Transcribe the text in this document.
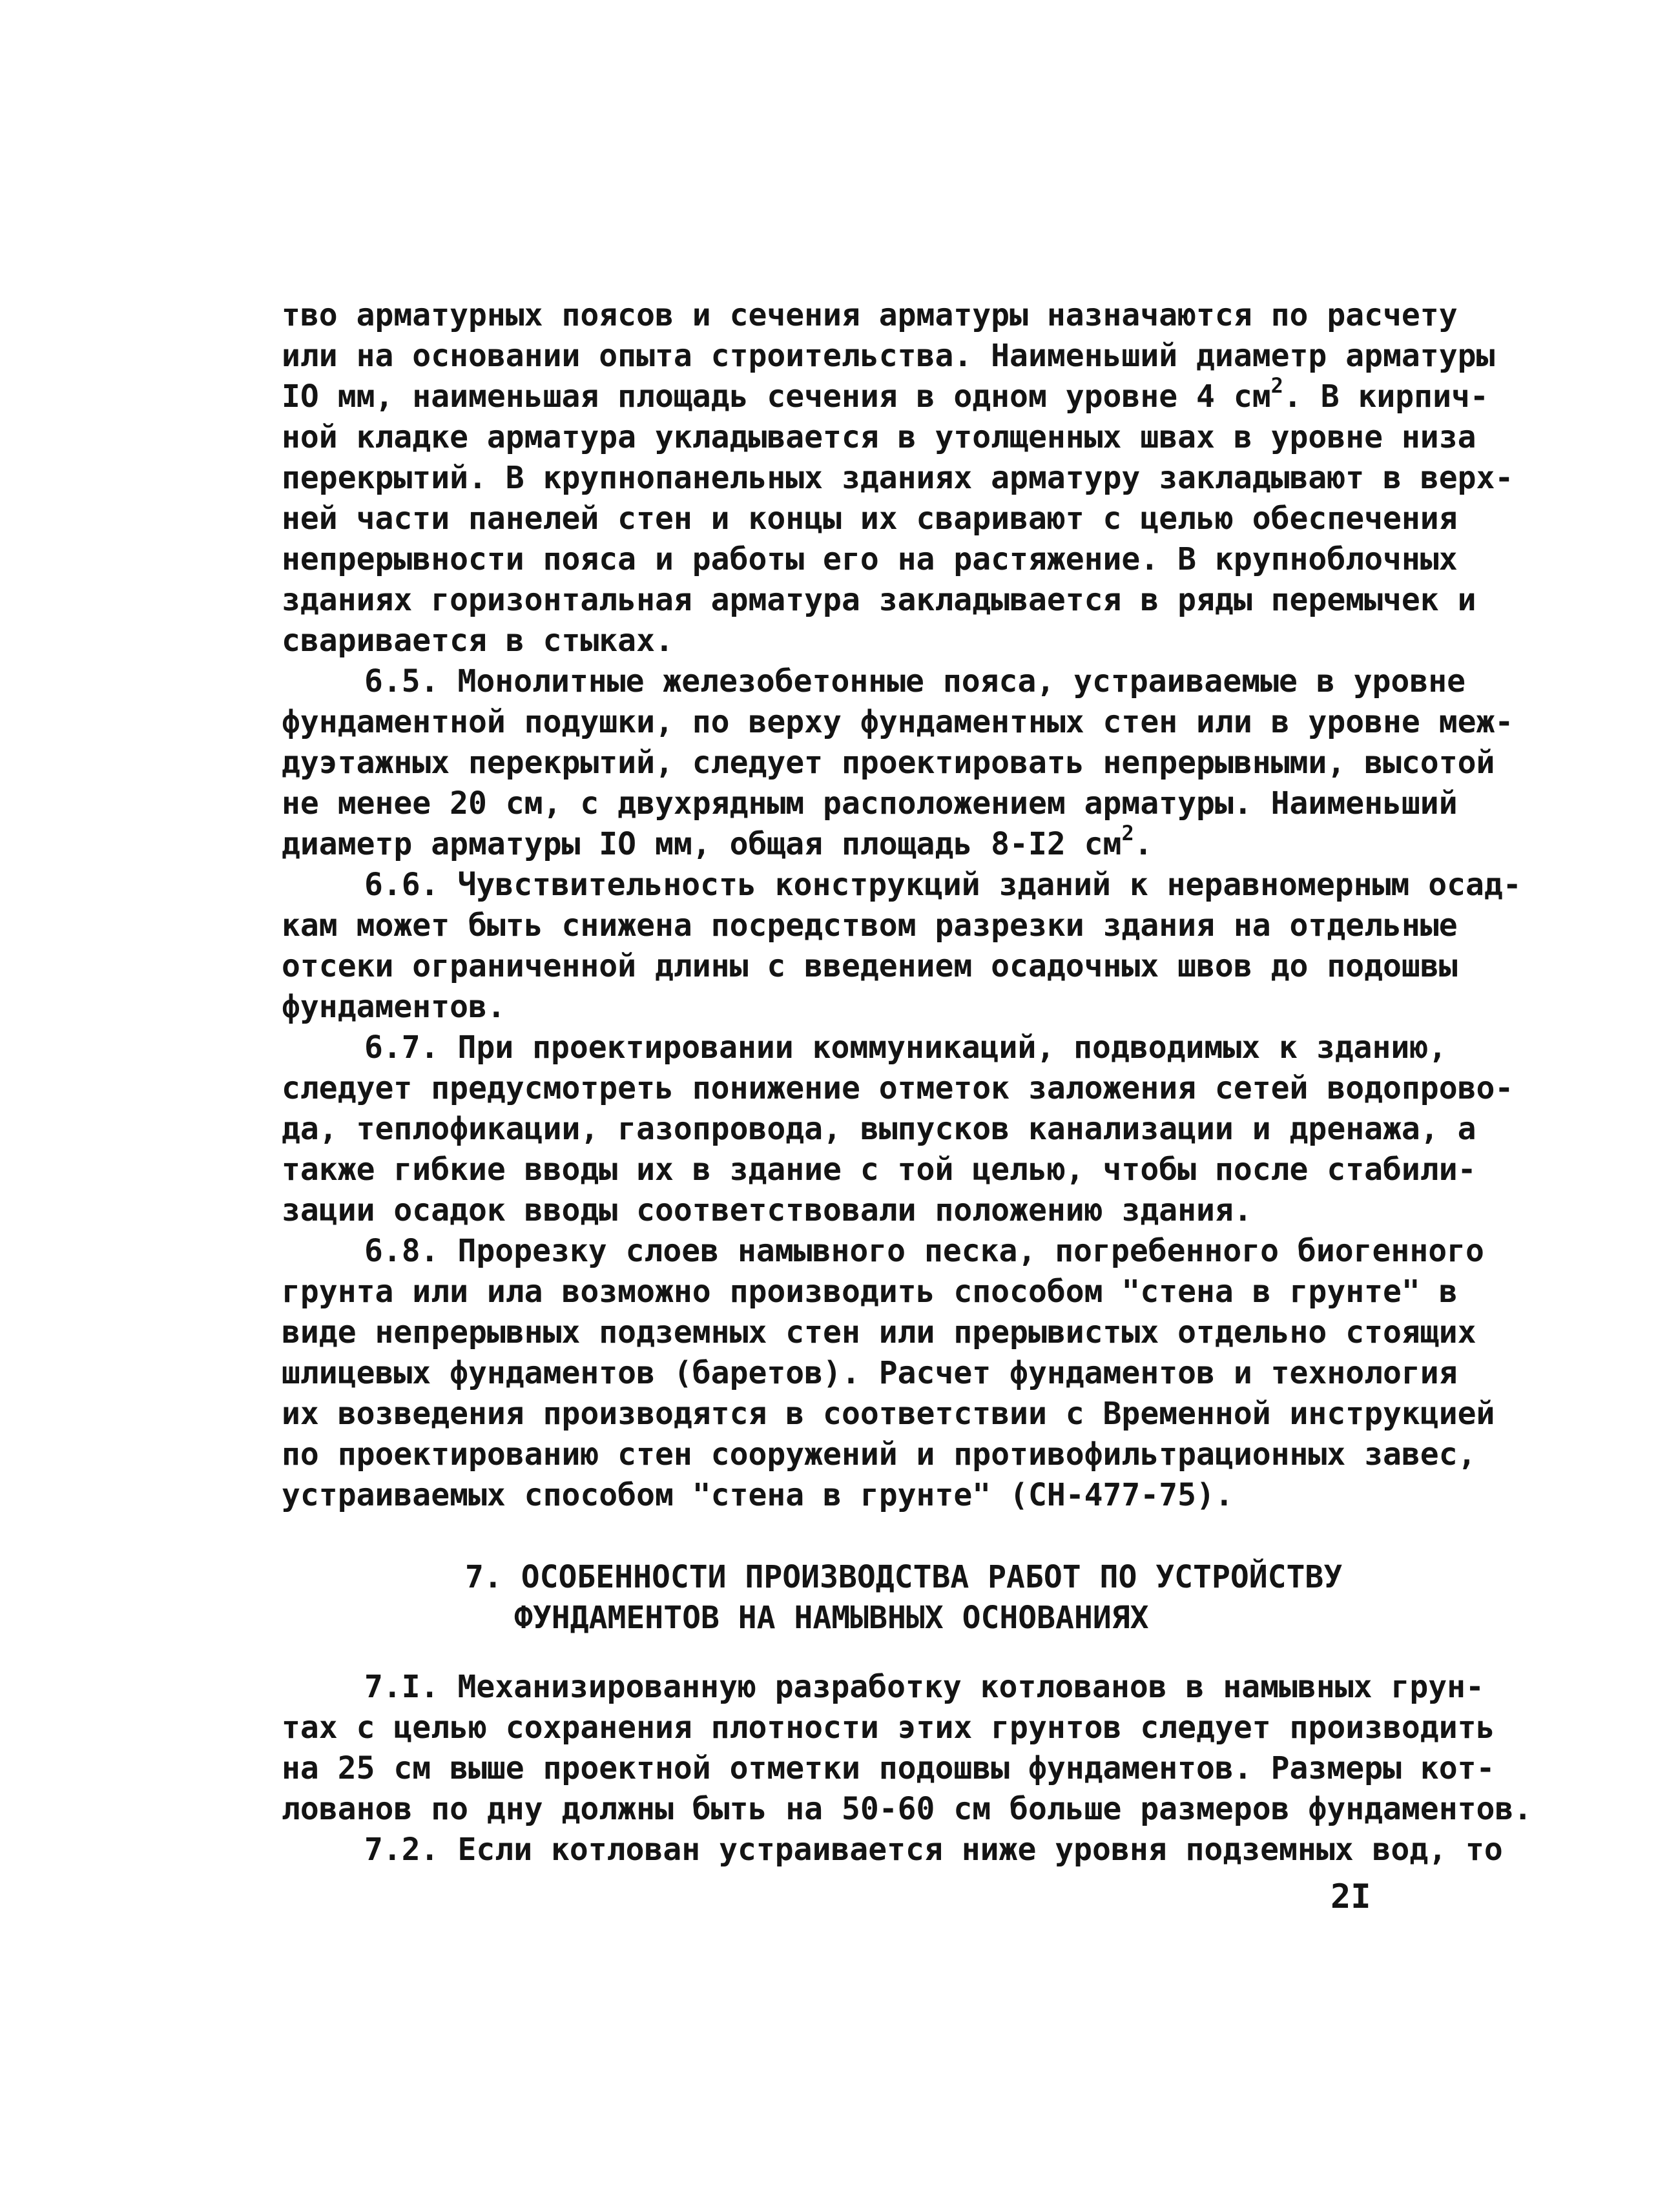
тво арматурных поясов и сечения арматуры назначаются по расчету
или на основании опыта строительства. Наименьший диаметр арматуры
IO мм, наименьшая площадь сечения в одном уровне 4 $см^2$. В кирпич-
ной кладке арматура укладывается в утолщенных швах в уровне низа
перекрытий. В крупнопанельных зданиях арматуру закладывают в верх-
ней части панелей стен и концы их сваривают с целью обеспечения
непрерывности пояса и работы его на растяжение. В крупноблочных
зданиях горизонтальная арматура закладывается в ряды перемычек и
сваривается в стыках.
6.5. Монолитные железобетонные пояса, устраиваемые в уровне
фундаментной подушки, по верху фундаментных стен или в уровне меж-
дуэтажных перекрытий, следует проектировать непрерывными, высотой
не менее 20 см, с двухрядным расположением арматуры. Наименьший
диаметр арматуры IO мм, общая площадь 8-I2 $см^2$.
6.6. Чувствительность конструкций зданий к неравномерным осад-
кам может быть снижена посредством разрезки здания на отдельные
отсеки ограниченной длины с введением осадочных швов до подошвы
фундаментов.
6.7. При проектировании коммуникаций, подводимых к зданию,
следует предусмотреть понижение отметок заложения сетей водопрово-
да, теплофикации, газопровода, выпусков канализации и дренажа, а
также гибкие вводы их в здание с той целью, чтобы после стабили-
зации осадок вводы соответствовали положению здания.
6.8. Прорезку слоев намывного песка, погребенного биогенного
грунта или ила возможно производить способом "стена в грунте" в
виде непрерывных подземных стен или прерывистых отдельно стоящих
шлицевых фундаментов (баретов). Расчет фундаментов и технология
их возведения производятся в соответствии с Временной инструкцией
по проектированию стен сооружений и противофильтрационных завес,
устраиваемых способом "стена в грунте" (СН-477-75).
7. ОСОБЕННОСТИ ПРОИЗВОДСТВА РАБОТ ПО УСТРОЙСТВУ
ФУНДАМЕНТОВ НА НАМЫВНЫХ ОСНОВАНИЯХ
7.I. Механизированную разработку котлованов в намывных грун-
тах с целью сохранения плотности этих грунтов следует производить
на 25 см выше проектной отметки подошвы фундаментов. Размеры кот-
лованов по дну должны быть на 50-60 см больше размеров фундаментов.
7.2. Если котлован устраивается ниже уровня подземных вод, то
2I
